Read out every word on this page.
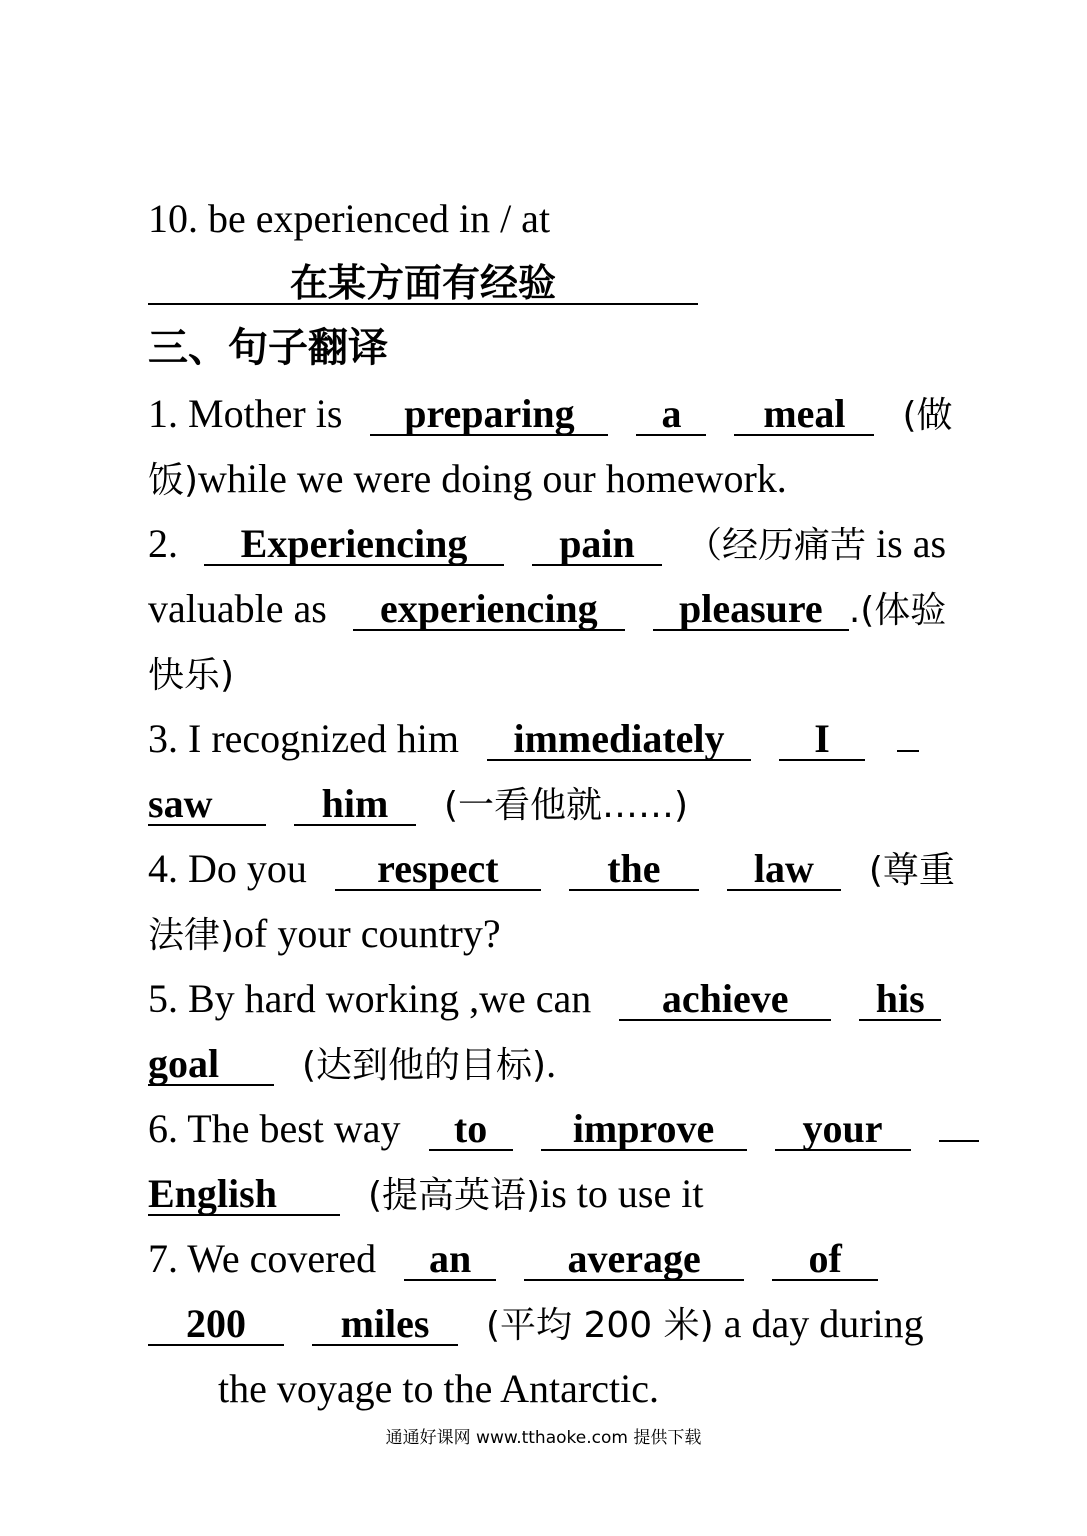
10. be experienced in / at
在某方面有经验
三、句子翻译
1. Mother is preparing a meal (做
饭)while we were doing our homework.
2. Experiencing pain （经历痛苦 is as
valuable as experiencing pleasure .(体验
快乐)
3. I recognized him immediately I
saw	him (一看他就……)
4. Do you respect	the law (尊重
法律)of your country?
5. By hard working ,we can achieve his
goal (达到他的目标).
6. The best way to improve your
English	(提高英语)is to use it
7. We covered an average	of
200 miles (平均 200 米) a day during
the voyage to the Antarctic.
通通好课网 www.tthaoke.com 提供下载
